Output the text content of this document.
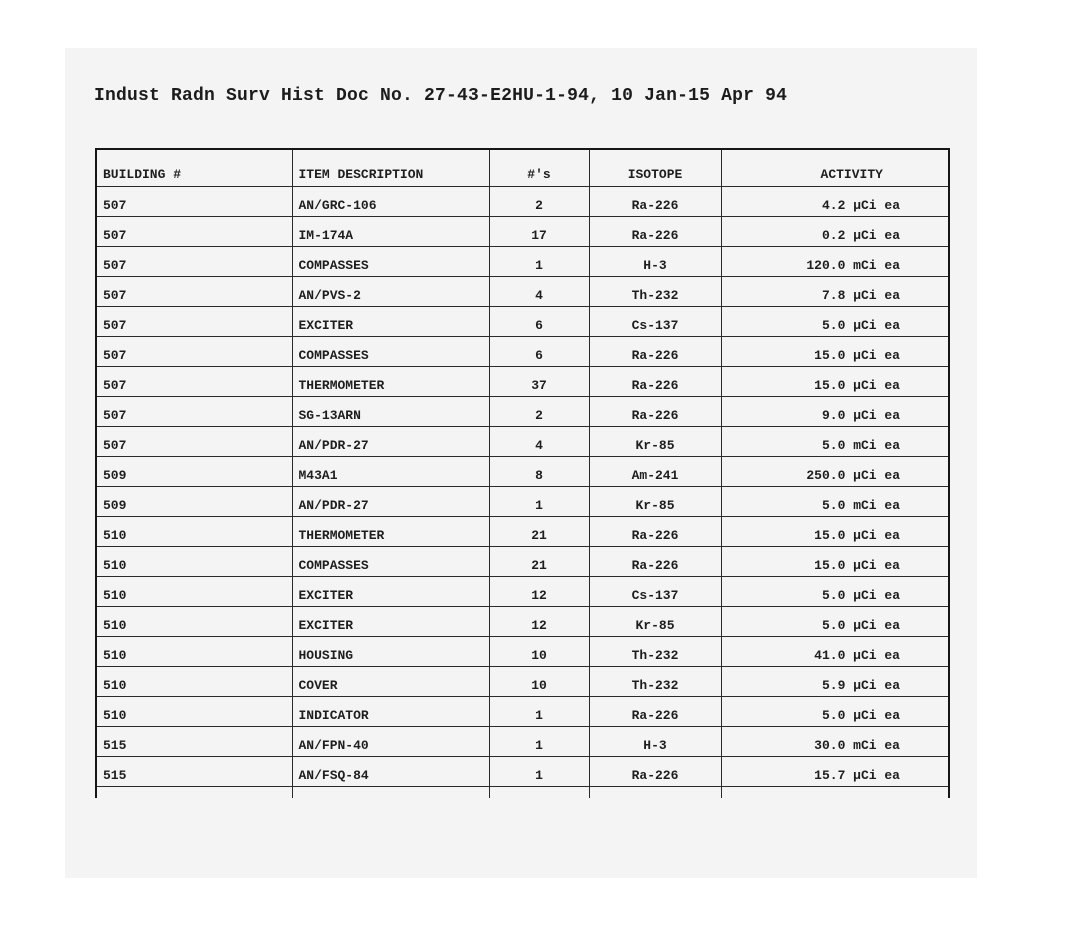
Indust Radn Surv Hist Doc No. 27-43-E2HU-1-94, 10 Jan-15 Apr 94
BUILDING #	ITEM DESCRIPTION	#'s	ISOTOPE	ACTIVITY
507	AN/GRC-106	2	Ra-226	4.2 µCi ea
507	IM-174A	17	Ra-226	0.2 µCi ea
507	COMPASSES	1	H-3	120.0 mCi ea
507	AN/PVS-2	4	Th-232	7.8 µCi ea
507	EXCITER	6	Cs-137	5.0 µCi ea
507	COMPASSES	6	Ra-226	15.0 µCi ea
507	THERMOMETER	37	Ra-226	15.0 µCi ea
507	SG-13ARN	2	Ra-226	9.0 µCi ea
507	AN/PDR-27	4	Kr-85	5.0 mCi ea
509	M43A1	8	Am-241	250.0 µCi ea
509	AN/PDR-27	1	Kr-85	5.0 mCi ea
510	THERMOMETER	21	Ra-226	15.0 µCi ea
510	COMPASSES	21	Ra-226	15.0 µCi ea
510	EXCITER	12	Cs-137	5.0 µCi ea
510	EXCITER	12	Kr-85	5.0 µCi ea
510	HOUSING	10	Th-232	41.0 µCi ea
510	COVER	10	Th-232	5.9 µCi ea
510	INDICATOR	1	Ra-226	5.0 µCi ea
515	AN/FPN-40	1	H-3	30.0 mCi ea
515	AN/FSQ-84	1	Ra-226	15.7 µCi ea
